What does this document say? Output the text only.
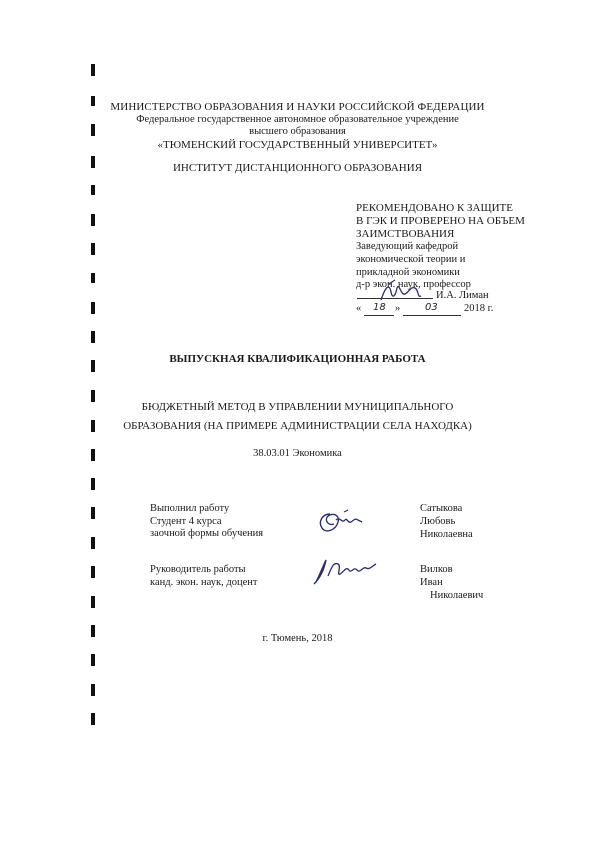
МИНИСТЕРСТВО ОБРАЗОВАНИЯ И НАУКИ РОССИЙСКОЙ ФЕДЕРАЦИИ
Федеральное государственное автономное образовательное учреждение
высшего образования
«ТЮМЕНСКИЙ ГОСУДАРСТВЕННЫЙ УНИВЕРСИТЕТ»
ИНСТИТУТ ДИСТАНЦИОННОГО ОБРАЗОВАНИЯ
РЕКОМЕНДОВАНО К ЗАЩИТЕ
В ГЭК И ПРОВЕРЕНО НА ОБЪЕМ
ЗАИМСТВОВАНИЯ
Заведующий кафедрой
экономической теории и
прикладной экономики
д-р экон. наук, профессор
И.А. Лиман
« 18 » 03	2018 г.
ВЫПУСКНАЯ КВАЛИФИКАЦИОННАЯ РАБОТА
БЮДЖЕТНЫЙ МЕТОД В УПРАВЛЕНИИ МУНИЦИПАЛЬНОГО
ОБРАЗОВАНИЯ (НА ПРИМЕРЕ АДМИНИСТРАЦИИ СЕЛА НАХОДКА)
38.03.01 Экономика
Выполнил работу
Студент 4 курса
заочной формы обучения
Сатыкова
Любовь
Николаевна
Руководитель работы
канд. экон. наук, доцент
Вилков
Иван
Николаевич
г. Тюмень, 2018
